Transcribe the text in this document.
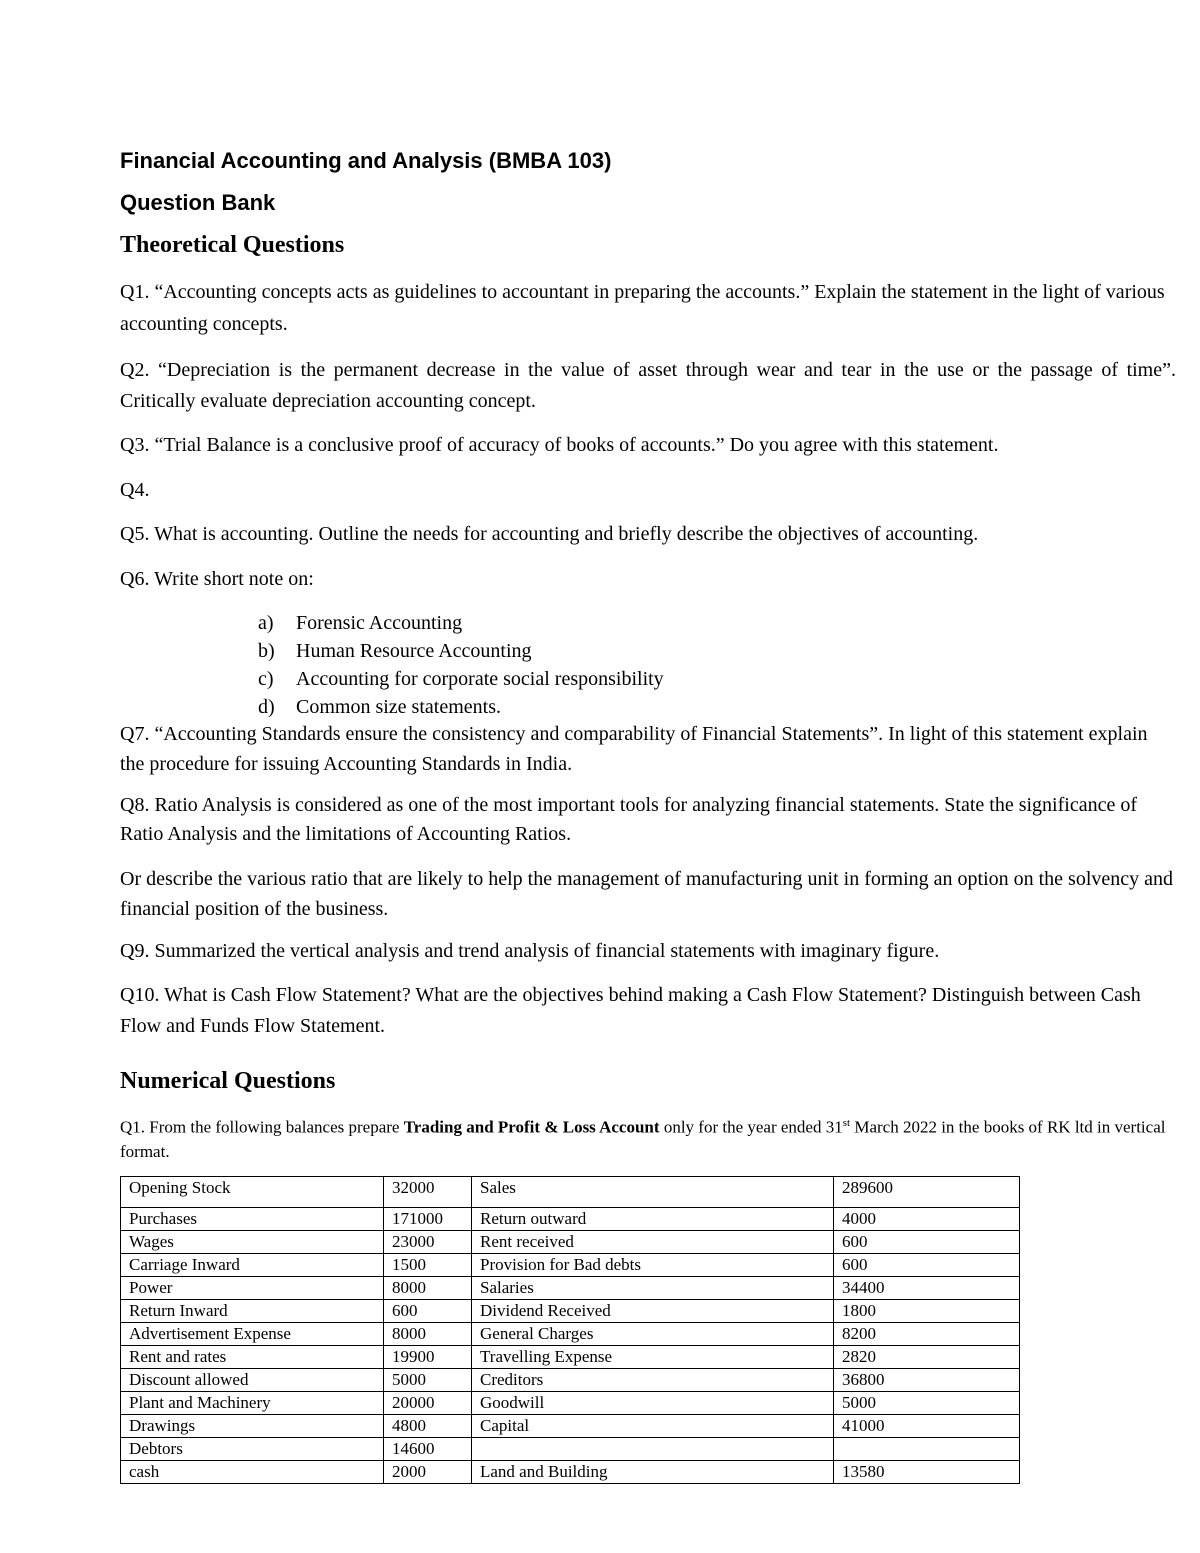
Financial Accounting and Analysis (BMBA 103)
Question Bank
Theoretical Questions

Q1. “Accounting concepts acts as guidelines to accountant in preparing the accounts.” Explain the statement in the light of various accounting concepts.

Q2. “Depreciation is the permanent decrease in the value of asset through wear and tear in the use or the passage of time”. Critically evaluate depreciation accounting concept.

Q3. “Trial Balance is a conclusive proof of accuracy of books of accounts.” Do you agree with this statement.

Q4.

Q5. What is accounting. Outline the needs for accounting and briefly describe the objectives of accounting.

Q6. Write short note on:

a)	Forensic Accounting
b)	Human Resource Accounting
c)	Accounting for corporate social responsibility
d)	Common size statements.

Q7. “Accounting Standards ensure the consistency and comparability of Financial Statements”. In light of this statement explain the procedure for issuing Accounting Standards in India.

Q8. Ratio Analysis is considered as one of the most important tools for analyzing financial statements. State the significance of Ratio Analysis and the limitations of Accounting Ratios.

Or describe the various ratio that are likely to help the management of manufacturing unit in forming an option on the solvency and financial position of the business.

Q9. Summarized the vertical analysis and trend analysis of financial statements with imaginary figure.

Q10. What is Cash Flow Statement? What are the objectives behind making a Cash Flow Statement? Distinguish between Cash Flow and Funds Flow Statement.

Numerical Questions

Q1. From the following balances prepare Trading and Profit & Loss Account only for the year ended 31st March 2022 in the books of RK ltd in vertical format.

Opening Stock	32000	Sales	289600
Purchases	171000	Return outward	4000
Wages	23000	Rent received	600
Carriage Inward	1500	Provision for Bad debts	600
Power	8000	Salaries	34400
Return Inward	600	Dividend Received	1800
Advertisement Expense	8000	General Charges	8200
Rent and rates	19900	Travelling Expense	2820
Discount allowed	5000	Creditors	36800
Plant and Machinery	20000	Goodwill	5000
Drawings	4800	Capital	41000
Debtors	14600		
cash	2000	Land and Building	13580
